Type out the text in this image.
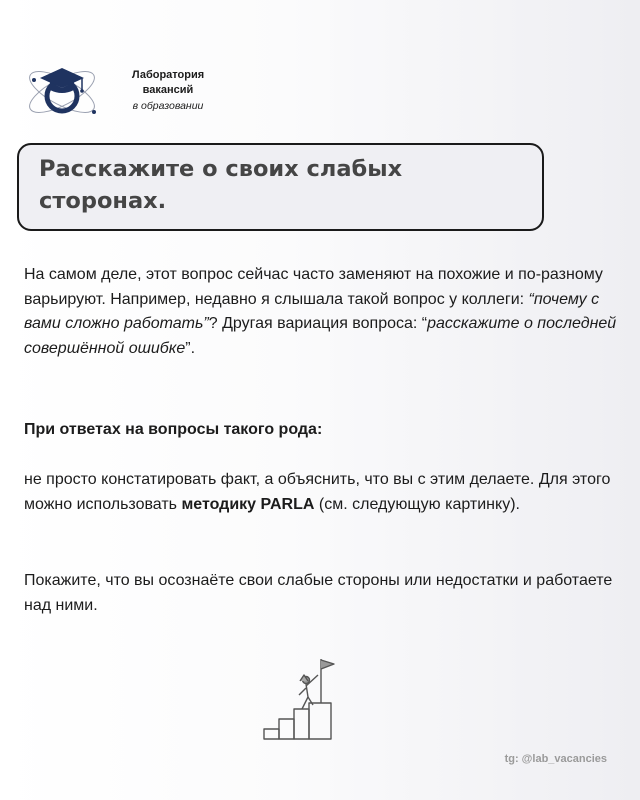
Лаборатория
вакансий
в образовании
Расскажите о своих слабых сторонах.

На самом деле, этот вопрос сейчас часто заменяют на похожие и по-разному варьируют. Например, недавно я слышала такой вопрос у коллеги: “почему с вами сложно работать”? Другая вариация вопроса: “расскажите о последней совершённой ошибке”.

При ответах на вопросы такого рода:

не просто констатировать факт, а объяснить, что вы с этим делаете. Для этого можно использовать методику PARLA (см. следующую картинку).

Покажите, что вы осознаёте свои слабые стороны или недостатки и работаете над ними.

tg: @lab_vacancies
